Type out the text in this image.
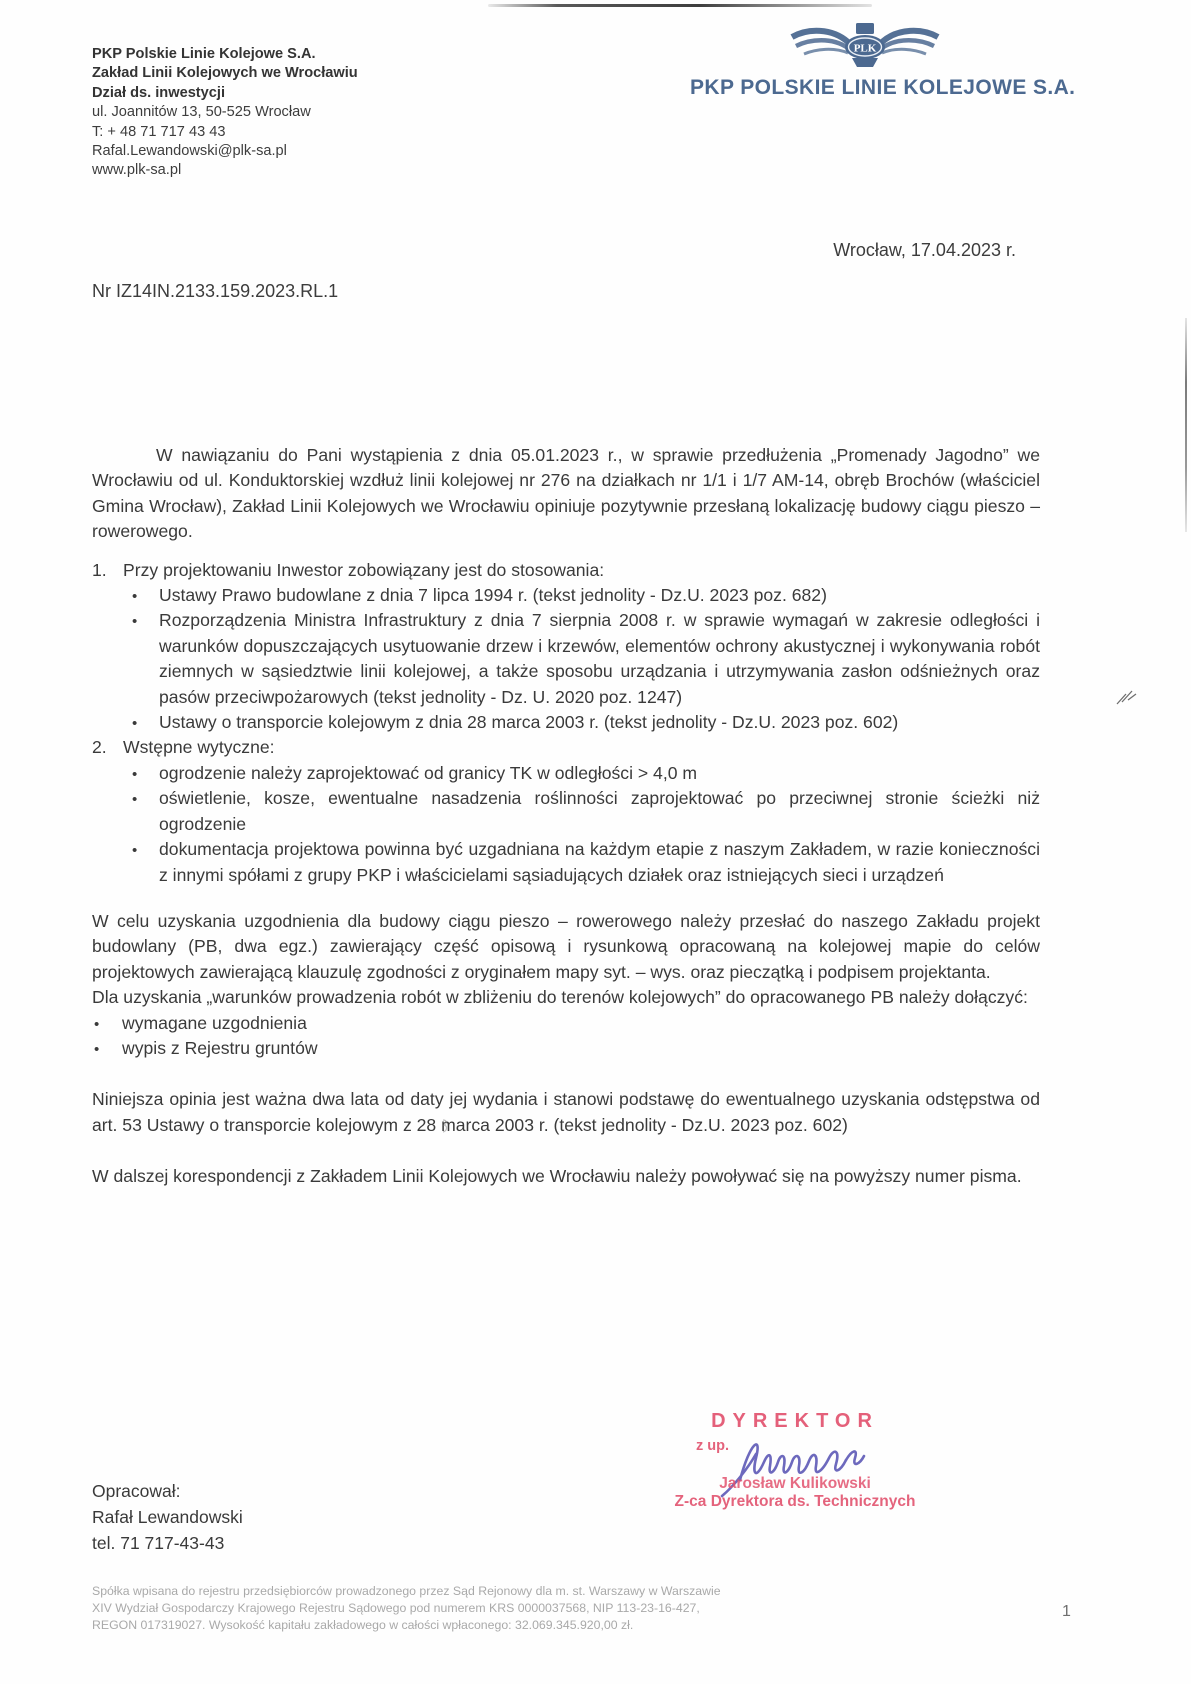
PKP Polskie Linie Kolejowe S.A.
Zakład Linii Kolejowych we Wrocławiu
Dział ds. inwestycji
ul. Joannitów 13, 50-525 Wrocław
T: + 48 71 717 43 43
Rafal.Lewandowski@plk-sa.pl
www.plk-sa.pl
PLK
PKP POLSKIE LINIE KOLEJOWE S.A.
Wrocław, 17.04.2023 r.
Nr IZ14IN.2133.159.2023.RL.1

W nawiązaniu do Pani wystąpienia z dnia 05.01.2023 r., w sprawie przedłużenia „Promenady Jagodno” we Wrocławiu od ul. Konduktorskiej wzdłuż linii kolejowej nr 276 na działkach nr 1/1 i 1/7 AM-14, obręb Brochów (właściciel Gmina Wrocław), Zakład Linii Kolejowych we Wrocławiu opiniuje pozytywnie przesłaną lokalizację budowy ciągu pieszo – rowerowego.

1. Przy projektowaniu Inwestor zobowiązany jest do stosowania:

•	Ustawy Prawo budowlane z dnia 7 lipca 1994 r. (tekst jednolity - Dz.U. 2023 poz. 682)

•	Rozporządzenia Ministra Infrastruktury z dnia 7 sierpnia 2008 r. w sprawie wymagań w zakresie odległości i warunków dopuszczających usytuowanie drzew i krzewów, elementów ochrony akustycznej i wykonywania robót ziemnych w sąsiedztwie linii kolejowej, a także sposobu urządzania i utrzymywania zasłon odśnieżnych oraz pasów przeciwpożarowych (tekst jednolity - Dz. U. 2020 poz. 1247)

•	Ustawy o transporcie kolejowym z dnia 28 marca 2003 r. (tekst jednolity - Dz.U. 2023 poz. 602)

2. Wstępne wytyczne:

•	ogrodzenie należy zaprojektować od granicy TK w odległości > 4,0 m

•	oświetlenie, kosze, ewentualne nasadzenia roślinności zaprojektować po przeciwnej stronie ścieżki niż ogrodzenie

•	dokumentacja projektowa powinna być uzgadniana na każdym etapie z naszym Zakładem, w razie konieczności z innymi spółami z grupy PKP i właścicielami sąsiadujących działek oraz istniejących sieci i urządzeń

W celu uzyskania uzgodnienia dla budowy ciągu pieszo – rowerowego należy przesłać do naszego Zakładu projekt budowlany (PB, dwa egz.) zawierający część opisową i rysunkową opracowaną na kolejowej mapie do celów projektowych zawierającą klauzulę zgodności z oryginałem mapy syt. – wys. oraz pieczątką i podpisem projektanta.

Dla uzyskania „warunków prowadzenia robót w zbliżeniu do terenów kolejowych” do opracowanego PB należy dołączyć:

•	wymagane uzgodnienia

•	wypis z Rejestru gruntów

Niniejsza opinia jest ważna dwa lata od daty jej wydania i stanowi podstawę do ewentualnego uzyskania odstępstwa od art. 53 Ustawy o transporcie kolejowym z 28 marca 2003 r. (tekst jednolity - Dz.U. 2023 poz. 602)

W dalszej korespondencji z Zakładem Linii Kolejowych we Wrocławiu należy powoływać się na powyższy numer pisma.

DYREKTOR
z up.
Jarosław Kulikowski
Z-ca Dyrektora ds. Technicznych
Opracował:
Rafał Lewandowski
tel. 71 717-43-43
Spółka wpisana do rejestru przedsiębiorców prowadzonego przez Sąd Rejonowy dla m. st. Warszawy w Warszawie
XIV Wydział Gospodarczy Krajowego Rejestru Sądowego pod numerem KRS 0000037568, NIP 113-23-16-427,
REGON 017319027. Wysokość kapitału zakładowego w całości wpłaconego: 32.069.345.920,00 zł.
1
